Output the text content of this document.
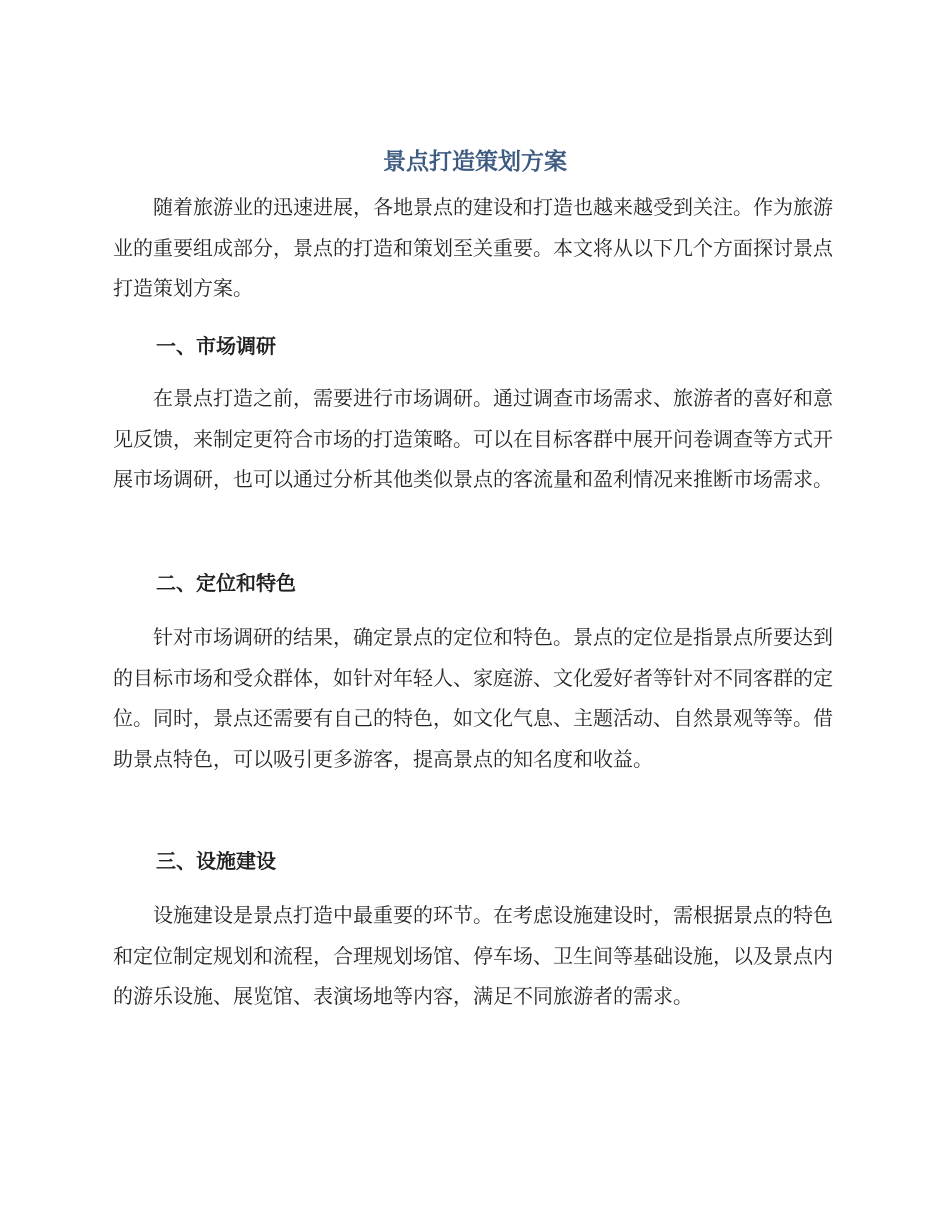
景点打造策划方案

随着旅游业的迅速进展，各地景点的建设和打造也越来越受到关注。作为旅游业的重要组成部分，景点的打造和策划至关重要。本文将从以下几个方面探讨景点打造策划方案。

一、市场调研

在景点打造之前，需要进行市场调研。通过调查市场需求、旅游者的喜好和意见反馈，来制定更符合市场的打造策略。可以在目标客群中展开问卷调查等方式开展市场调研，也可以通过分析其他类似景点的客流量和盈利情况来推断市场需求。

二、定位和特色

针对市场调研的结果，确定景点的定位和特色。景点的定位是指景点所要达到的目标市场和受众群体，如针对年轻人、家庭游、文化爱好者等针对不同客群的定位。同时，景点还需要有自己的特色，如文化气息、主题活动、自然景观等等。借助景点特色，可以吸引更多游客，提高景点的知名度和收益。

三、设施建设

设施建设是景点打造中最重要的环节。在考虑设施建设时，需根据景点的特色和定位制定规划和流程，合理规划场馆、停车场、卫生间等基础设施，以及景点内的游乐设施、展览馆、表演场地等内容，满足不同旅游者的需求。
